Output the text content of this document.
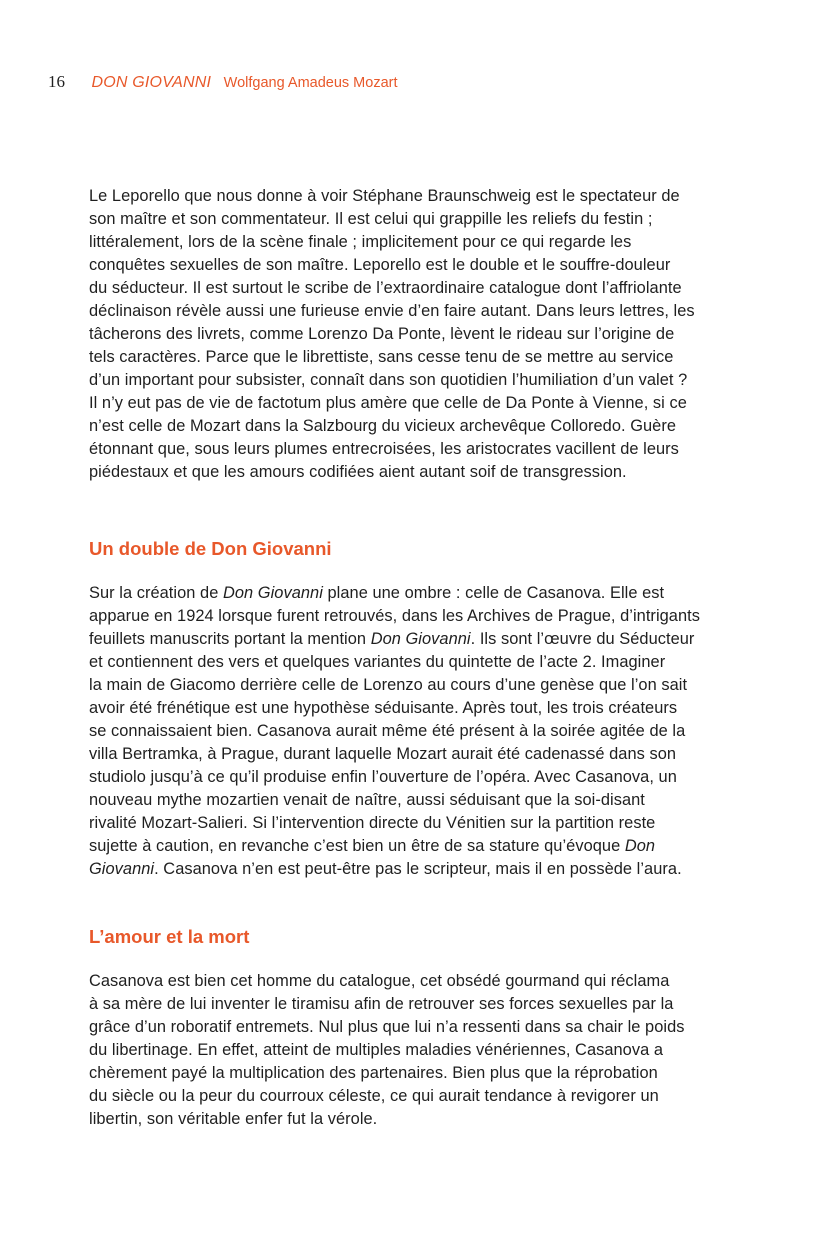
16 DON GIOVANNI Wolfgang Amadeus Mozart

Le Leporello que nous donne à voir Stéphane Braunschweig est le spectateur de
son maître et son commentateur. Il est celui qui grappille les reliefs du festin ;
littéralement, lors de la scène finale ; implicitement pour ce qui regarde les
conquêtes sexuelles de son maître. Leporello est le double et le souffre-douleur
du séducteur. Il est surtout le scribe de l’extraordinaire catalogue dont l’affriolante
déclinaison révèle aussi une furieuse envie d’en faire autant. Dans leurs lettres, les
tâcherons des livrets, comme Lorenzo Da Ponte, lèvent le rideau sur l’origine de
tels caractères. Parce que le librettiste, sans cesse tenu de se mettre au service
d’un important pour subsister, connaît dans son quotidien l’humiliation d’un valet ?
Il n’y eut pas de vie de factotum plus amère que celle de Da Ponte à Vienne, si ce
n’est celle de Mozart dans la Salzbourg du vicieux archevêque Colloredo. Guère
étonnant que, sous leurs plumes entrecroisées, les aristocrates vacillent de leurs
piédestaux et que les amours codifiées aient autant soif de transgression.

Un double de Don Giovanni

Sur la création de Don Giovanni plane une ombre : celle de Casanova. Elle est
apparue en 1924 lorsque furent retrouvés, dans les Archives de Prague, d’intrigants
feuillets manuscrits portant la mention Don Giovanni. Ils sont l’œuvre du Séducteur
et contiennent des vers et quelques variantes du quintette de l’acte 2. Imaginer
la main de Giacomo derrière celle de Lorenzo au cours d’une genèse que l’on sait
avoir été frénétique est une hypothèse séduisante. Après tout, les trois créateurs
se connaissaient bien. Casanova aurait même été présent à la soirée agitée de la
villa Bertramka, à Prague, durant laquelle Mozart aurait été cadenassé dans son
studiolo jusqu’à ce qu’il produise enfin l’ouverture de l’opéra. Avec Casanova, un
nouveau mythe mozartien venait de naître, aussi séduisant que la soi-disant
rivalité Mozart-Salieri. Si l’intervention directe du Vénitien sur la partition reste
sujette à caution, en revanche c’est bien un être de sa stature qu’évoque Don
Giovanni. Casanova n’en est peut-être pas le scripteur, mais il en possède l’aura.

L’amour et la mort

Casanova est bien cet homme du catalogue, cet obsédé gourmand qui réclama
à sa mère de lui inventer le tiramisu afin de retrouver ses forces sexuelles par la
grâce d’un roboratif entremets. Nul plus que lui n’a ressenti dans sa chair le poids
du libertinage. En effet, atteint de multiples maladies vénériennes, Casanova a
chèrement payé la multiplication des partenaires. Bien plus que la réprobation
du siècle ou la peur du courroux céleste, ce qui aurait tendance à revigorer un
libertin, son véritable enfer fut la vérole.
